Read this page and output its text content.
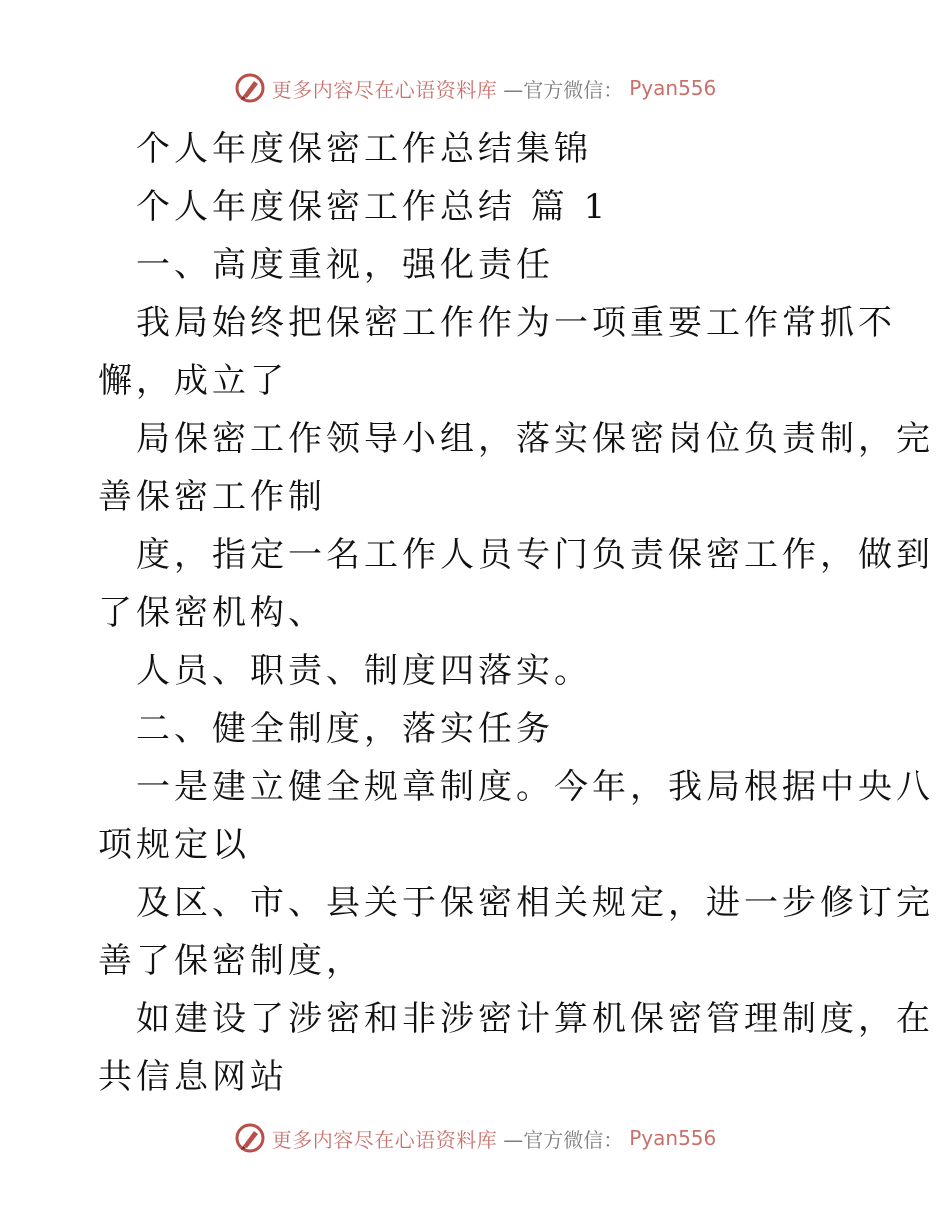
更多内容尽在心语资料库 —官方微信： Pyan556
个人年度保密工作总结集锦
个人年度保密工作总结 篇 1
一、高度重视，强化责任
我局始终把保密工作作为一项重要工作常抓不
懈，成立了
局保密工作领导小组，落实保密岗位负责制，完
善保密工作制
度，指定一名工作人员专门负责保密工作，做到
了保密机构、
人员、职责、制度四落实。
二、健全制度，落实任务
一是建立健全规章制度。今年，我局根据中央八
项规定以
及区、市、县关于保密相关规定，进一步修订完
善了保密制度，
如建设了涉密和非涉密计算机保密管理制度，在
共信息网站
更多内容尽在心语资料库 —官方微信： Pyan556
